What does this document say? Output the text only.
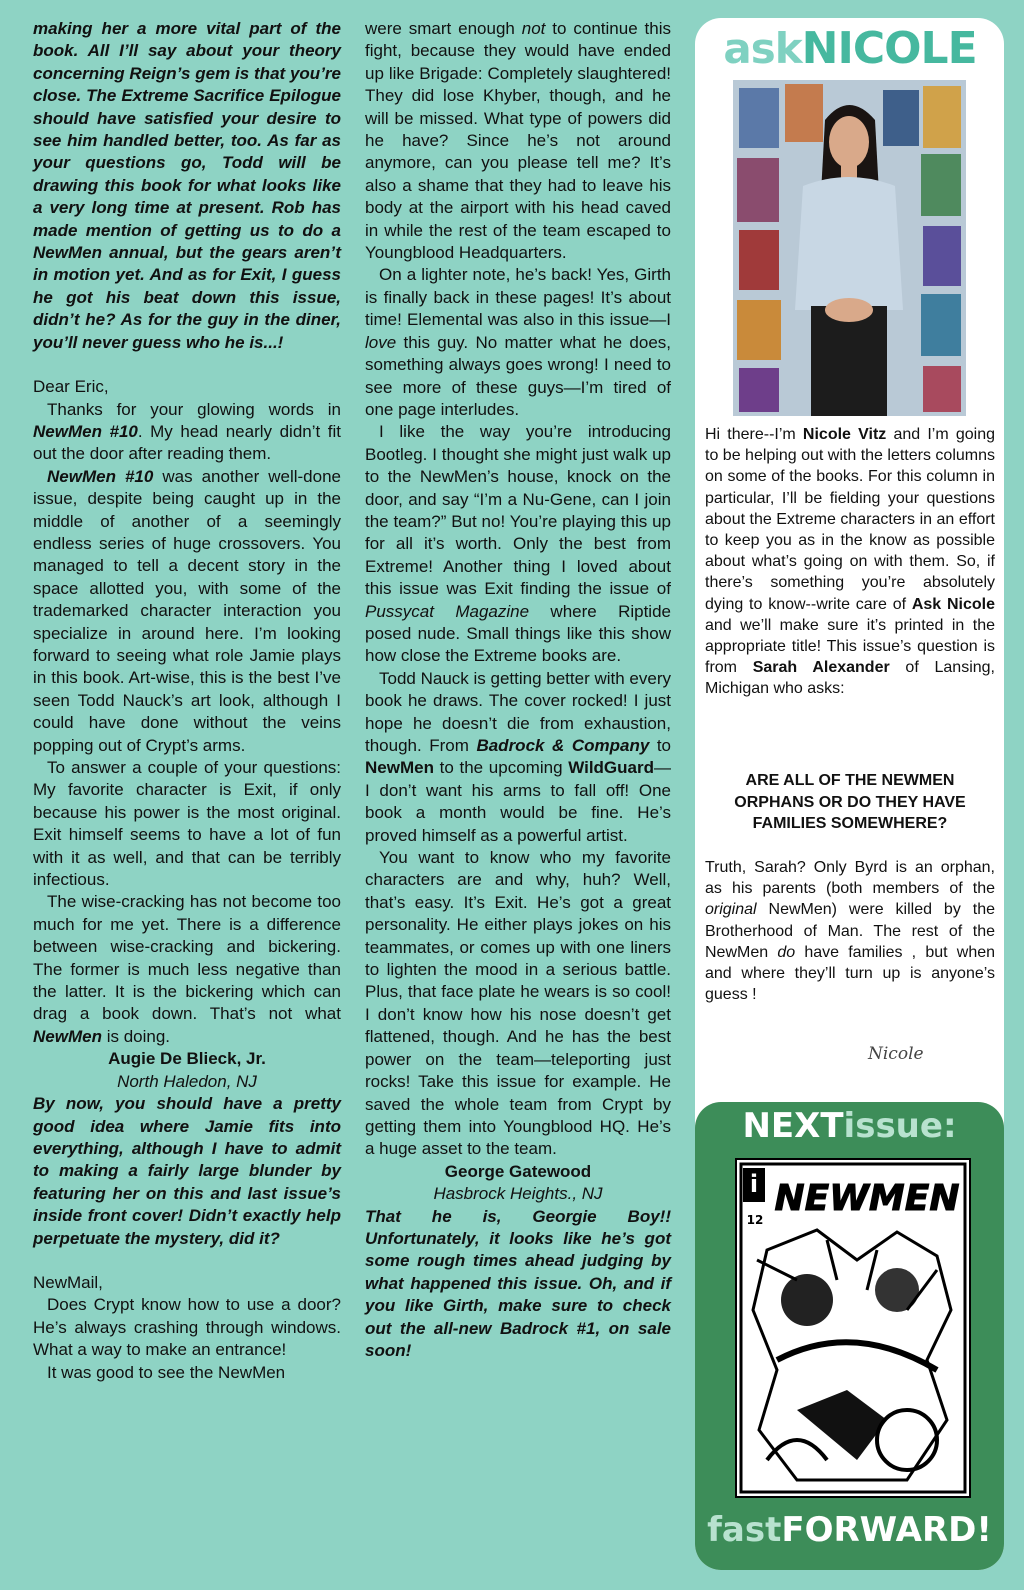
making her a more vital part of the book. All I’ll say about your theory concerning Reign’s gem is that you’re close. The Extreme Sacrifice Epilogue should have satisfied your desire to see him handled better, too. As far as your questions go, Todd will be drawing this book for what looks like a very long time at present. Rob has made mention of getting us to do a NewMen annual, but the gears aren’t in motion yet. And as for Exit, I guess he got his beat down this issue, didn’t he? As for the guy in the diner, you’ll never guess who he is...!

Dear Eric,

Thanks for your glowing words in NewMen #10. My head nearly didn’t fit out the door after reading them.

NewMen #10 was another well-done issue, despite being caught up in the middle of another of a seemingly endless series of huge crossovers. You managed to tell a decent story in the space allotted you, with some of the trademarked character interaction you specialize in around here. I’m looking forward to seeing what role Jamie plays in this book. Art-wise, this is the best I’ve seen Todd Nauck’s art look, although I could have done without the veins popping out of Crypt’s arms.

To answer a couple of your questions: My favorite character is Exit, if only because his power is the most original. Exit himself seems to have a lot of fun with it as well, and that can be terribly infectious.

The wise-cracking has not become too much for me yet. There is a difference between wise-cracking and bickering. The former is much less negative than the latter. It is the bickering which can drag a book down. That’s not what NewMen is doing.

Augie De Blieck, Jr.

North Haledon, NJ

By now, you should have a pretty good idea where Jamie fits into everything, although I have to admit to making a fairly large blunder by featuring her on this and last issue’s inside front cover! Didn’t exactly help perpetuate the mystery, did it?

NewMail,

Does Crypt know how to use a door? He’s always crashing through windows. What a way to make an entrance!

It was good to see the NewMen

were smart enough not to continue this fight, because they would have ended up like Brigade: Completely slaughtered! They did lose Khyber, though, and he will be missed. What type of powers did he have? Since he’s not around anymore, can you please tell me? It’s also a shame that they had to leave his body at the airport with his head caved in while the rest of the team escaped to Youngblood Headquarters.

On a lighter note, he’s back! Yes, Girth is finally back in these pages! It’s about time! Elemental was also in this issue—I love this guy. No matter what he does, something always goes wrong! I need to see more of these guys—I’m tired of one page interludes.

I like the way you’re introducing Bootleg. I thought she might just walk up to the NewMen’s house, knock on the door, and say “I’m a Nu-Gene, can I join the team?” But no! You’re playing this up for all it’s worth. Only the best from Extreme! Another thing I loved about this issue was Exit finding the issue of Pussycat Magazine where Riptide posed nude. Small things like this show how close the Extreme books are.

Todd Nauck is getting better with every book he draws. The cover rocked! I just hope he doesn’t die from exhaustion, though. From Badrock & Company to NewMen to the upcoming WildGuard—I don’t want his arms to fall off! One book a month would be fine. He’s proved himself as a powerful artist.

You want to know who my favorite characters are and why, huh? Well, that’s easy. It’s Exit. He’s got a great personality. He either plays jokes on his teammates, or comes up with one liners to lighten the mood in a serious battle. Plus, that face plate he wears is so cool! I don’t know how his nose doesn’t get flattened, though. And he has the best power on the team—teleporting just rocks! Take this issue for example. He saved the whole team from Crypt by getting them into Youngblood HQ. He’s a huge asset to the team.

George Gatewood

Hasbrock Heights., NJ

That he is, Georgie Boy!! Unfortunately, it looks like he’s got some rough times ahead judging by what happened this issue. Oh, and if you like Girth, make sure to check out the all-new Badrock #1, on sale soon!

askNICOLE

Hi there--I’m Nicole Vitz and I’m going to be helping out with the letters columns on some of the books. For this column in particular, I’ll be fielding your questions about the Extreme characters in an effort to keep you as in the know as possible about what’s going on with them. So, if there’s something you’re absolutely dying to know--write care of Ask Nicole and we’ll make sure it’s printed in the appropriate title! This issue’s question is from Sarah Alexander of Lansing, Michigan who asks:

ARE ALL OF THE NEWMEN ORPHANS OR DO THEY HAVE FAMILIES SOMEWHERE?
Truth, Sarah? Only Byrd is an orphan, as his parents (both members of the original NewMen) were killed by the Brotherhood of Man. The rest of the NewMen do have families , but when and where they’ll turn up is anyone’s guess !
Nicole
NEXTissue:
i NEWMEN
12
fastFORWARD!
